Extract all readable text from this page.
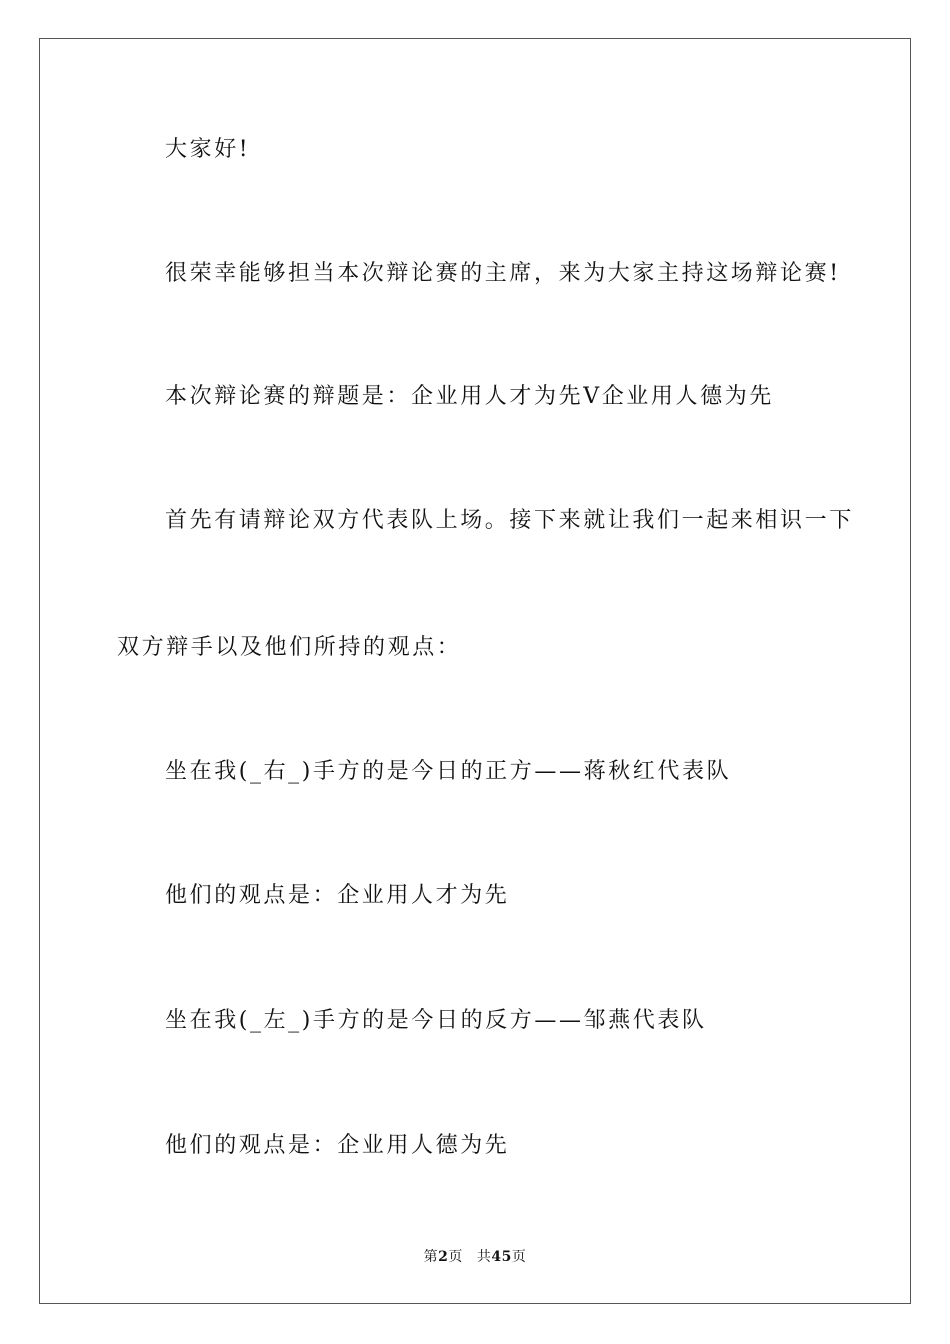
大家好!
很荣幸能够担当本次辩论赛的主席，来为大家主持这场辩论赛!
本次辩论赛的辩题是：企业用人才为先V企业用人德为先
首先有请辩论双方代表队上场。接下来就让我们一起来相识一下
双方辩手以及他们所持的观点：
坐在我(_右_)手方的是今日的正方——蒋秋红代表队
他们的观点是：企业用人才为先
坐在我(_左_)手方的是今日的反方——邹燕代表队
他们的观点是：企业用人德为先
第2页 共45页
